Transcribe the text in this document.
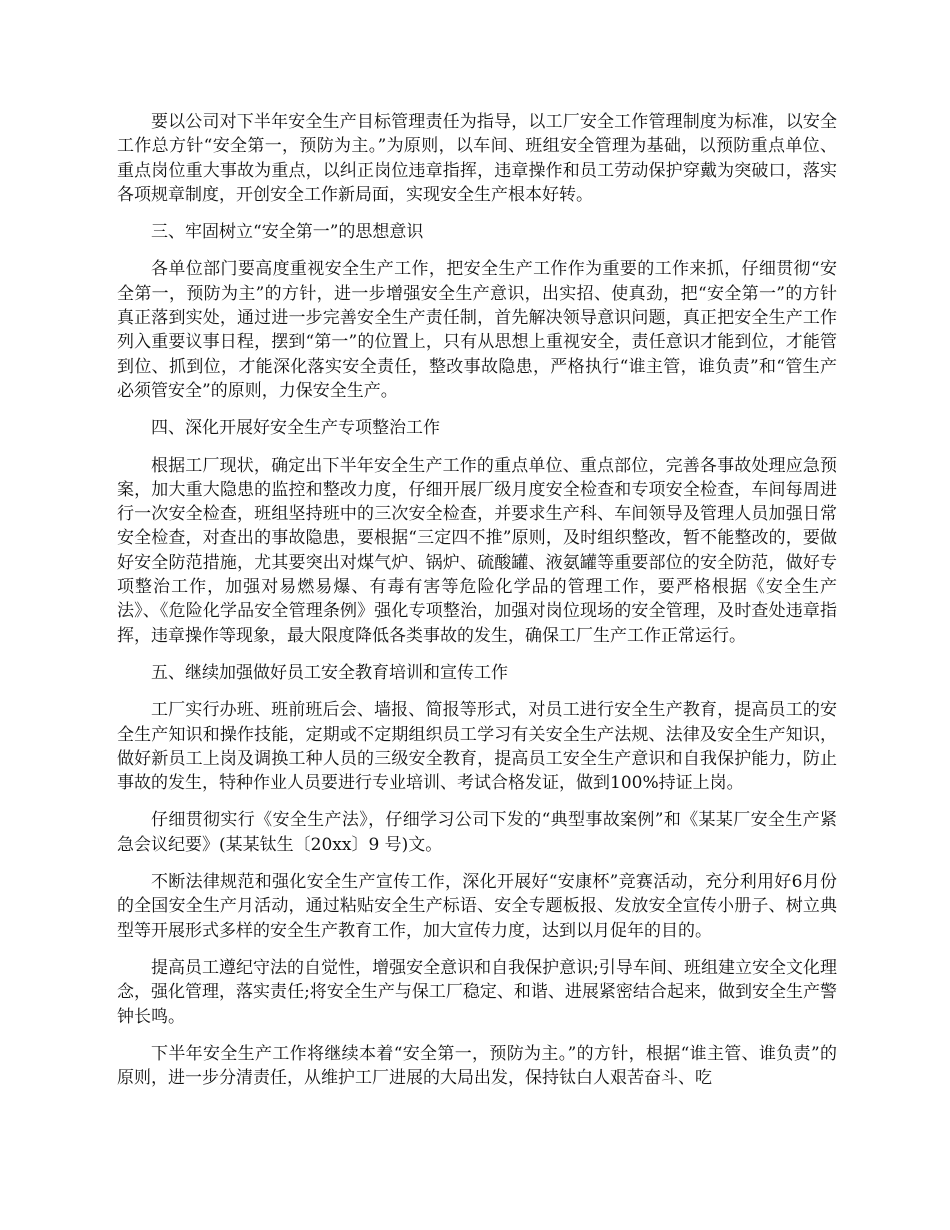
要以公司对下半年安全生产目标管理责任为指导，以工厂安全工作管理制度为标准，以安全工作总方针“安全第一，预防为主。”为原则，以车间、班组安全管理为基础，以预防重点单位、重点岗位重大事故为重点，以纠正岗位违章指挥，违章操作和员工劳动保护穿戴为突破口，落实各项规章制度，开创安全工作新局面，实现安全生产根本好转。

三、牢固树立“安全第一”的思想意识

各单位部门要高度重视安全生产工作，把安全生产工作作为重要的工作来抓，仔细贯彻“安全第一，预防为主”的方针，进一步增强安全生产意识，出实招、使真劲，把“安全第一”的方针真正落到实处，通过进一步完善安全生产责任制，首先解决领导意识问题，真正把安全生产工作列入重要议事日程，摆到“第一”的位置上，只有从思想上重视安全，责任意识才能到位，才能管到位、抓到位，才能深化落实安全责任，整改事故隐患，严格执行“谁主管，谁负责”和“管生产必须管安全”的原则，力保安全生产。

四、深化开展好安全生产专项整治工作

根据工厂现状，确定出下半年安全生产工作的重点单位、重点部位，完善各事故处理应急预案，加大重大隐患的监控和整改力度，仔细开展厂级月度安全检查和专项安全检查，车间每周进行一次安全检查，班组坚持班中的三次安全检查，并要求生产科、车间领导及管理人员加强日常安全检查，对查出的事故隐患，要根据“三定四不推”原则，及时组织整改，暂不能整改的，要做好安全防范措施，尤其要突出对煤气炉、锅炉、硫酸罐、液氨罐等重要部位的安全防范，做好专项整治工作，加强对易燃易爆、有毒有害等危险化学品的管理工作，要严格根据《安全生产法》、《危险化学品安全管理条例》强化专项整治，加强对岗位现场的安全管理，及时查处违章指挥，违章操作等现象，最大限度降低各类事故的发生，确保工厂生产工作正常运行。

五、继续加强做好员工安全教育培训和宣传工作

工厂实行办班、班前班后会、墙报、简报等形式，对员工进行安全生产教育，提高员工的安全生产知识和操作技能，定期或不定期组织员工学习有关安全生产法规、法律及安全生产知识，做好新员工上岗及调换工种人员的三级安全教育，提高员工安全生产意识和自我保护能力，防止事故的发生，特种作业人员要进行专业培训、考试合格发证，做到100%持证上岗。

仔细贯彻实行《安全生产法》，仔细学习公司下发的“典型事故案例”和《某某厂安全生产紧急会议纪要》(某某钛生〔20xx〕9 号)文。

不断法律规范和强化安全生产宣传工作，深化开展好“安康杯”竞赛活动，充分利用好6月份的全国安全生产月活动，通过粘贴安全生产标语、安全专题板报、发放安全宣传小册子、树立典型等开展形式多样的安全生产教育工作，加大宣传力度，达到以月促年的目的。

提高员工遵纪守法的自觉性，增强安全意识和自我保护意识;引导车间、班组建立安全文化理念，强化管理，落实责任;将安全生产与保工厂稳定、和谐、进展紧密结合起来，做到安全生产警钟长鸣。

下半年安全生产工作将继续本着“安全第一，预防为主。”的方针，根据“谁主管、谁负责”的原则，进一步分清责任，从维护工厂进展的大局出发，保持钛白人艰苦奋斗、吃
